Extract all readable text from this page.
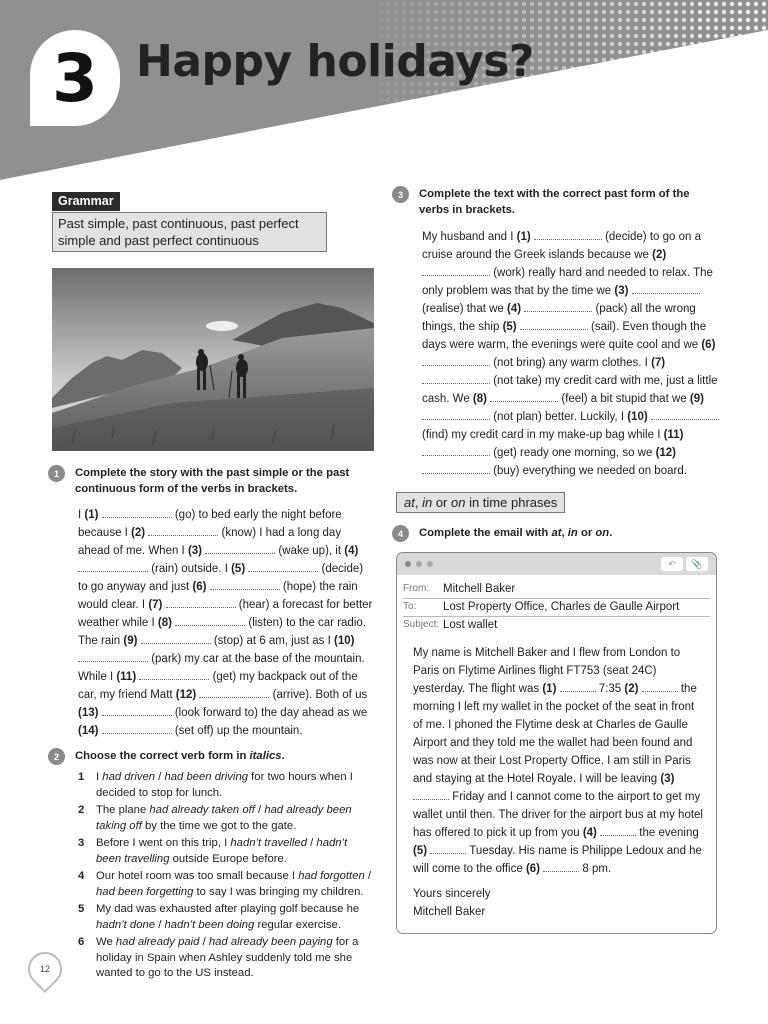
3 Happy holidays?
Grammar
Past simple, past continuous, past perfect simple and past perfect continuous
1	Complete the story with the past simple or the past continuous form of the verbs in brackets.
I (1)	(go) to bed early the night before because I (2)	(know) I had a long day ahead of me. When I (3)	(wake up), it (4)  (rain) outside. I (5)	(decide) to go anyway and just (6)	(hope) the rain would clear. I (7)	(hear) a forecast for better weather while I (8)	(listen) to the car radio. The rain (9)	(stop) at 6 am, just as I (10)  (park) my car at the base of the mountain. While I (11)	(get) my backpack out of the car, my friend Matt (12)	(arrive). Both of us (13)	(look forward to) the day ahead as we (14)	(set off) up the mountain.
2	Choose the correct verb form in italics.
1	I had driven / had been driving for two hours when I decided to stop for lunch.
2	The plane had already taken off / had already been taking off by the time we got to the gate.
3	Before I went on this trip, I hadn’t travelled / hadn’t been travelling outside Europe before.
4	Our hotel room was too small because I had forgotten / had been forgetting to say I was bringing my children.
5	My dad was exhausted after playing golf because he hadn’t done / hadn’t been doing regular exercise.
6	We had already paid / had already been paying for a holiday in Spain when Ashley suddenly told me she wanted to go to the US instead.
3	Complete the text with the correct past form of the verbs in brackets.
My husband and I (1)	(decide) to go on a cruise around the Greek islands because we (2)  (work) really hard and needed to relax. The only problem was that by the time we (3)  (realise) that we (4)	(pack) all the wrong things, the ship (5)	(sail). Even though the days were warm, the evenings were quite cool and we (6)  (not bring) any warm clothes. I (7)  (not take) my credit card with me, just a little cash. We (8)	(feel) a bit stupid that we (9)  (not plan) better. Luckily, I (10)  (find) my credit card in my make-up bag while I (11)  (get) ready one morning, so we (12)  (buy) everything we needed on board.
at, in or on in time phrases
4	Complete the email with at, in or on.
↶	📎
From:	Mitchell Baker
To:	Lost Property Office, Charles de Gaulle Airport
Subject: Lost wallet

My name is Mitchell Baker and I flew from London to Paris on Flytime Airlines flight FT753 (seat 24C) yesterday. The flight was (1)	7:35 (2)	the morning I left my wallet in the pocket of the seat in front of me. I phoned the Flytime desk at Charles de Gaulle Airport and they told me the wallet had been found and was now at their Lost Property Office. I am still in Paris and staying at the Hotel Royale. I will be leaving (3)  Friday and I cannot come to the airport to get my wallet until then. The driver for the airport bus at my hotel has offered to pick it up from you (4)	the evening (5)	Tuesday. His name is Philippe Ledoux and he will come to the office (6)	8 pm.

Yours sincerely
Mitchell Baker
12
